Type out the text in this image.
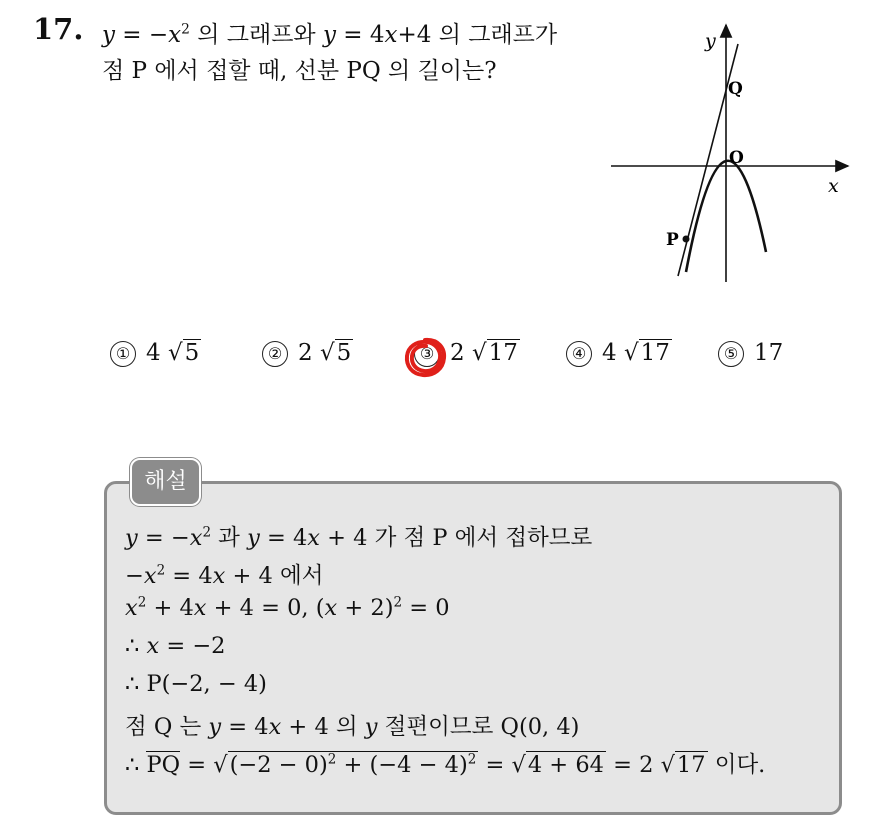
17. $y = -x^2$ 의 그래프와 y = 4x+4 의 그래프가
점 P 에서 접할 때, 선분 PQ 의 길이는?
y
x
O
Q
P
① 4 √5	② 2 √5	③ 2 √17	④ 4 √17	⑤ 17
해설
$y = -x^2$ 과 y = 4x + 4 가 점 P 에서 접하므로
$-x^2 = 4x + 4$ 에서
$x^2 + 4x + 4 = 0$, $(x + 2)^2 = 0$
∴ x = −2
∴ P(−2, − 4)
점 Q 는 y = 4x + 4 의 y 절편이므로 Q(0, 4)
∴ PQ = $√(-2 - 0)^2 + (-4 - 4)^2 = √4 + 64 = 2$ √17 이다.
